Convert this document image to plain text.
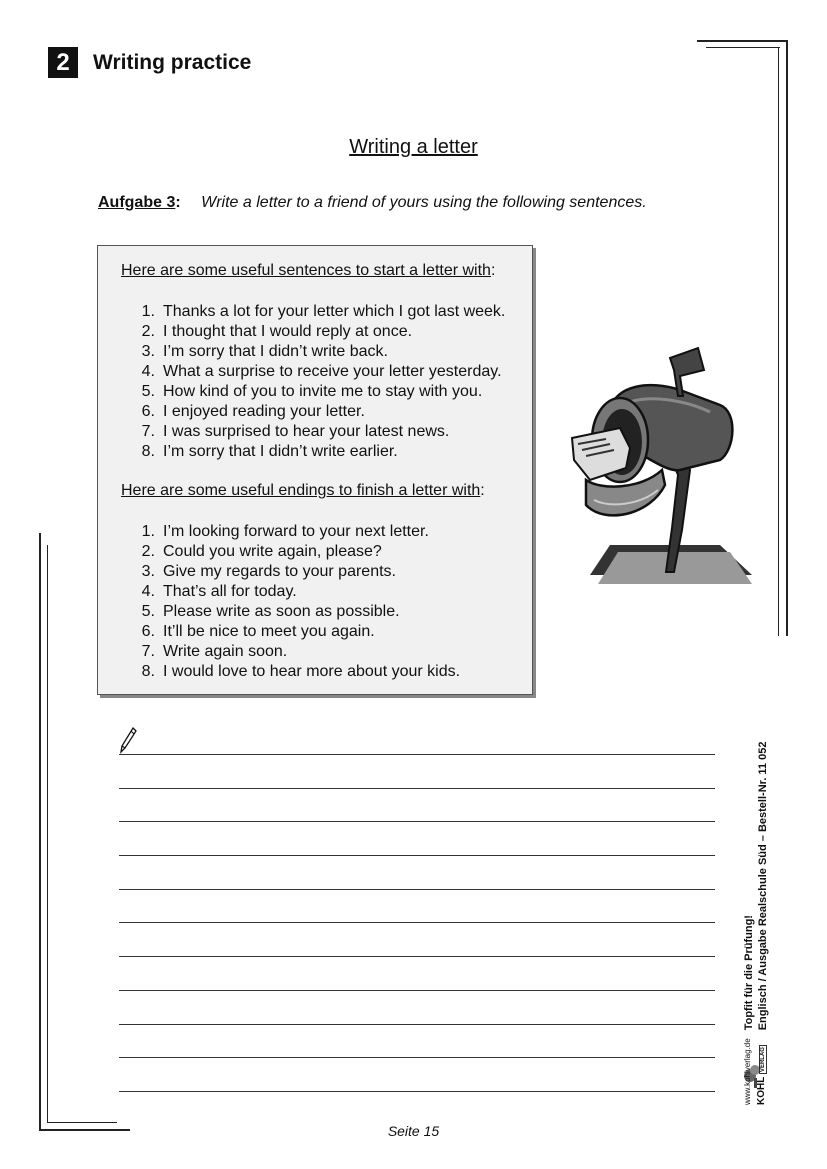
2	Writing practice
Writing a letter
Aufgabe 3: Write a letter to a friend of yours using the following sentences.
Here are some useful sentences to start a letter with:
1. Thanks a lot for your letter which I got last week.
2. I thought that I would reply at once.
3. I’m sorry that I didn’t write back.
4. What a surprise to receive your letter yesterday.
5. How kind of you to invite me to stay with you.
6. I enjoyed reading your letter.
7. I was surprised to hear your latest news.
8. I’m sorry that I didn’t write earlier.
Here are some useful endings to finish a letter with:
1. I’m looking forward to your next letter.
2. Could you write again, please?
3. Give my regards to your parents.
4. That’s all for today.
5. Please write as soon as possible.
6. It’ll be nice to meet you again.
7. Write again soon.
8. I would love to hear more about your kids.
www.kohlverlag.de KOHL VERLAG
Topfit für die Prüfung! Englisch / Ausgabe Realschule Süd – Bestell-Nr. 11 052
Seite 15
